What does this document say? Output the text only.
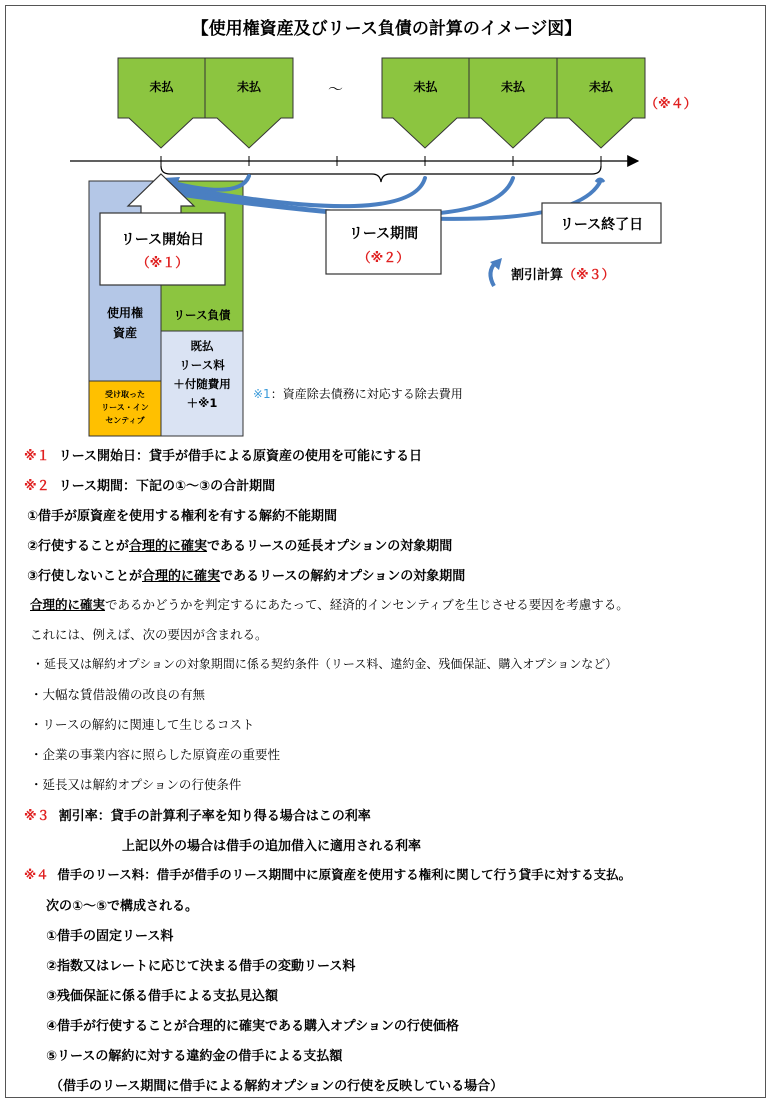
【使用権資産及びリース負債の計算のイメージ図】
未払	未払	～	未払	未払	未払
（※４）
リース開始日
（※１）
リース期間
（※２）
リース終了日
割引計算（※３）
使用権
資産
リース負債
既払
リース料
＋付随費用
＋※1
受け取った
リース・イン
センティブ
※1：資産除去債務に対応する除去費用
※１ リース開始日：貸手が借手による原資産の使用を可能にする日
※２ リース期間：下記の①～③の合計期間
①借手が原資産を使用する権利を有する解約不能期間
②行使することが合理的に確実であるリースの延長オプションの対象期間
③行使しないことが合理的に確実であるリースの解約オプションの対象期間
合理的に確実であるかどうかを判定するにあたって、経済的インセンティブを生じさせる要因を考慮する。
これには、例えば、次の要因が含まれる。
・延長又は解約オプションの対象期間に係る契約条件（リース料、違約金、残価保証、購入オプションなど）
・大幅な賃借設備の改良の有無
・リースの解約に関連して生じるコスト
・企業の事業内容に照らした原資産の重要性
・延長又は解約オプションの行使条件
※３ 割引率：貸手の計算利子率を知り得る場合はこの利率
上記以外の場合は借手の追加借入に適用される利率
※４ 借手のリース料：借手が借手のリース期間中に原資産を使用する権利に関して行う貸手に対する支払。
次の①～⑤で構成される。
①借手の固定リース料
②指数又はレートに応じて決まる借手の変動リース料
③残価保証に係る借手による支払見込額
④借手が行使することが合理的に確実である購入オプションの行使価格
⑤リースの解約に対する違約金の借手による支払額
（借手のリース期間に借手による解約オプションの行使を反映している場合）
